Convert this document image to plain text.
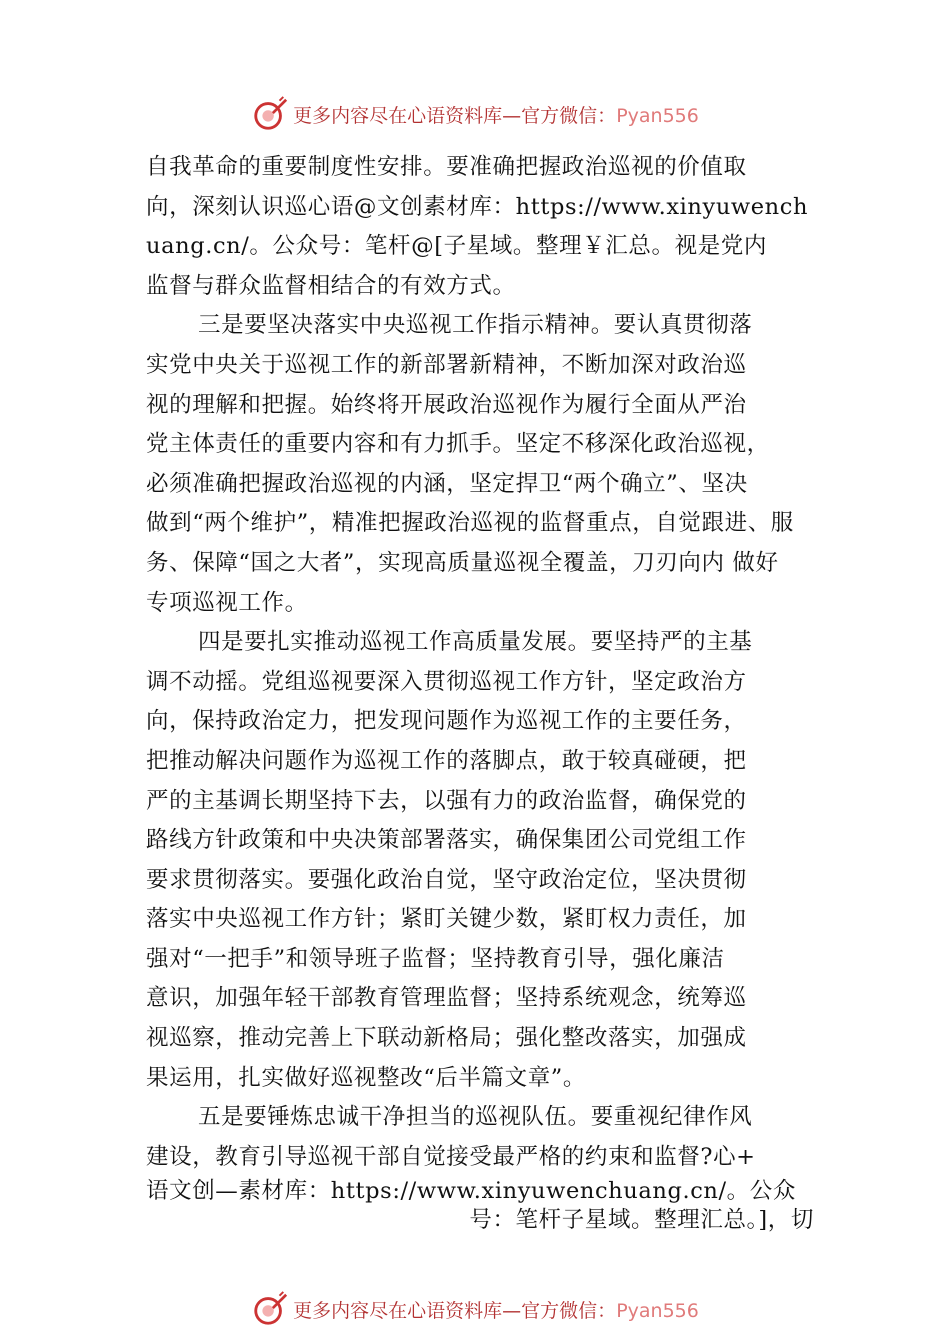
更多内容尽在心语资料库—官方微信：Pyan556
自我革命的重要制度性安排。要准确把握政治巡视的价值取
向，深刻认识巡心语@文创素材库：https://www.xinyuwench
uang.cn/。公众号：笔杆@[子星域。整理￥汇总。视是党内
监督与群众监督相结合的有效方式。
三是要坚决落实中央巡视工作指示精神。要认真贯彻落
实党中央关于巡视工作的新部署新精神，不断加深对政治巡
视的理解和把握。始终将开展政治巡视作为履行全面从严治
党主体责任的重要内容和有力抓手。坚定不移深化政治巡视，
必须准确把握政治巡视的内涵，坚定捍卫“两个确立”、坚决
做到“两个维护”，精准把握政治巡视的监督重点，自觉跟进、服
务、保障“国之大者”，实现高质量巡视全覆盖，刀刃向内 做好
专项巡视工作。
四是要扎实推动巡视工作高质量发展。要坚持严的主基
调不动摇。党组巡视要深入贯彻巡视工作方针，坚定政治方
向，保持政治定力，把发现问题作为巡视工作的主要任务，
把推动解决问题作为巡视工作的落脚点，敢于较真碰硬，把
严的主基调长期坚持下去，以强有力的政治监督，确保党的
路线方针政策和中央决策部署落实，确保集团公司党组工作
要求贯彻落实。要强化政治自觉，坚守政治定位，坚决贯彻
落实中央巡视工作方针；紧盯关键少数，紧盯权力责任，加
强对“一把手”和领导班子监督；坚持教育引导，强化廉洁
意识，加强年轻干部教育管理监督；坚持系统观念，统筹巡
视巡察，推动完善上下联动新格局；强化整改落实，加强成
果运用，扎实做好巡视整改“后半篇文章”。
五是要锤炼忠诚干净担当的巡视队伍。要重视纪律作风
建设，教育引导巡视干部自觉接受最严格的约束和监督?心+
语文创—素材库：https://www.xinyuwenchuang.cn/。公众
号：笔杆子星域。整理汇总。]，切
更多内容尽在心语资料库—官方微信：Pyan556
